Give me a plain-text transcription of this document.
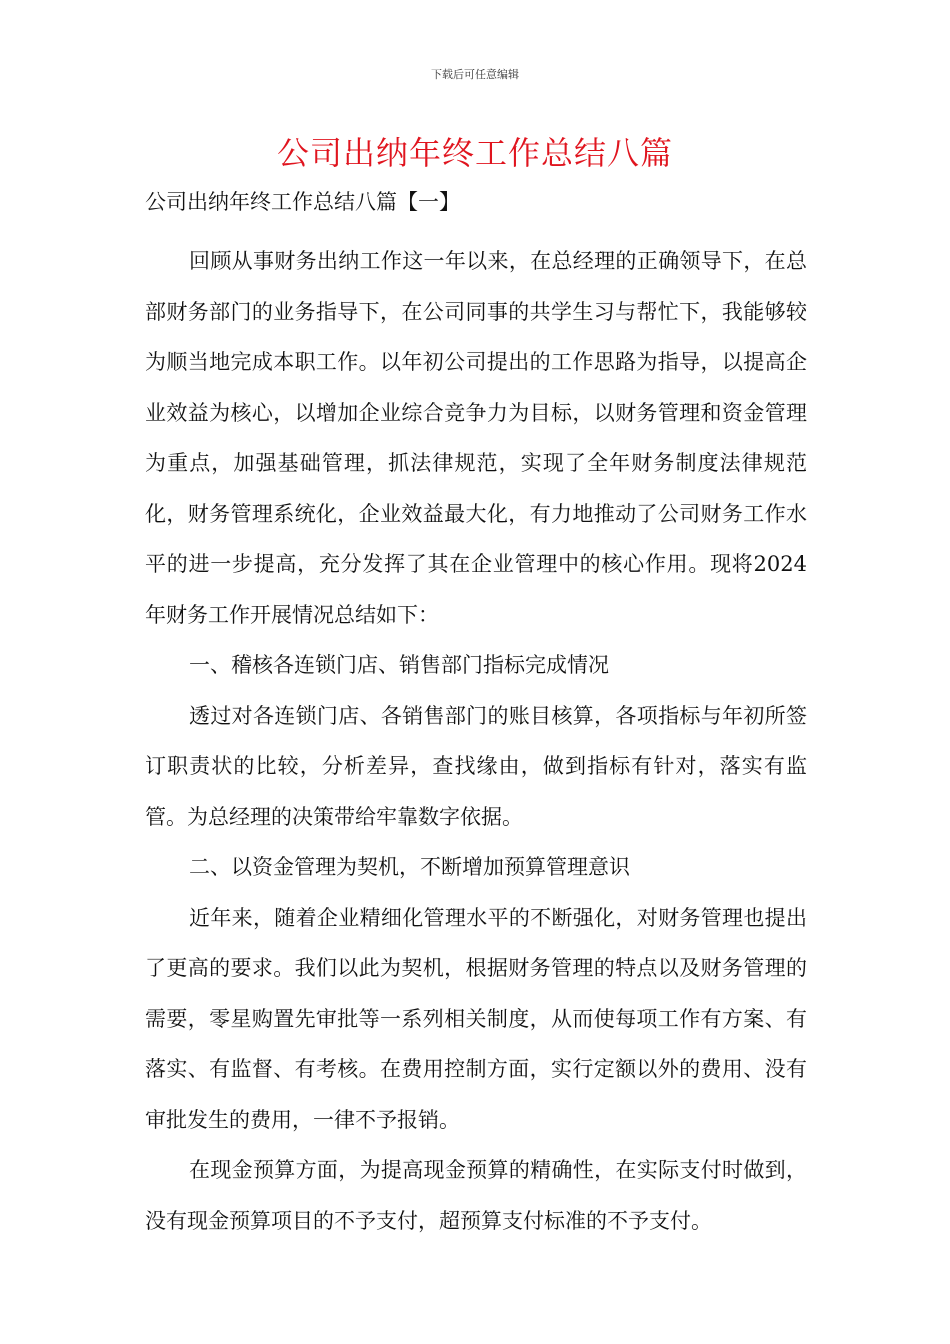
下载后可任意编辑
公司出纳年终工作总结八篇

公司出纳年终工作总结八篇【一】

回顾从事财务出纳工作这一年以来，在总经理的正确领导下，在总部财务部门的业务指导下，在公司同事的共学生习与帮忙下，我能够较为顺当地完成本职工作。以年初公司提出的工作思路为指导，以提高企业效益为核心，以增加企业综合竞争力为目标，以财务管理和资金管理为重点，加强基础管理，抓法律规范，实现了全年财务制度法律规范化，财务管理系统化，企业效益最大化，有力地推动了公司财务工作水平的进一步提高，充分发挥了其在企业管理中的核心作用。现将2024年财务工作开展情况总结如下：

一、稽核各连锁门店、销售部门指标完成情况

透过对各连锁门店、各销售部门的账目核算，各项指标与年初所签订职责状的比较，分析差异，查找缘由，做到指标有针对，落实有监管。为总经理的决策带给牢靠数字依据。

二、以资金管理为契机，不断增加预算管理意识

近年来，随着企业精细化管理水平的不断强化，对财务管理也提出了更高的要求。我们以此为契机，根据财务管理的特点以及财务管理的需要，零星购置先审批等一系列相关制度，从而使每项工作有方案、有落实、有监督、有考核。在费用控制方面，实行定额以外的费用、没有审批发生的费用，一律不予报销。

在现金预算方面，为提高现金预算的精确性，在实际支付时做到，没有现金预算项目的不予支付，超预算支付标准的不予支付。
